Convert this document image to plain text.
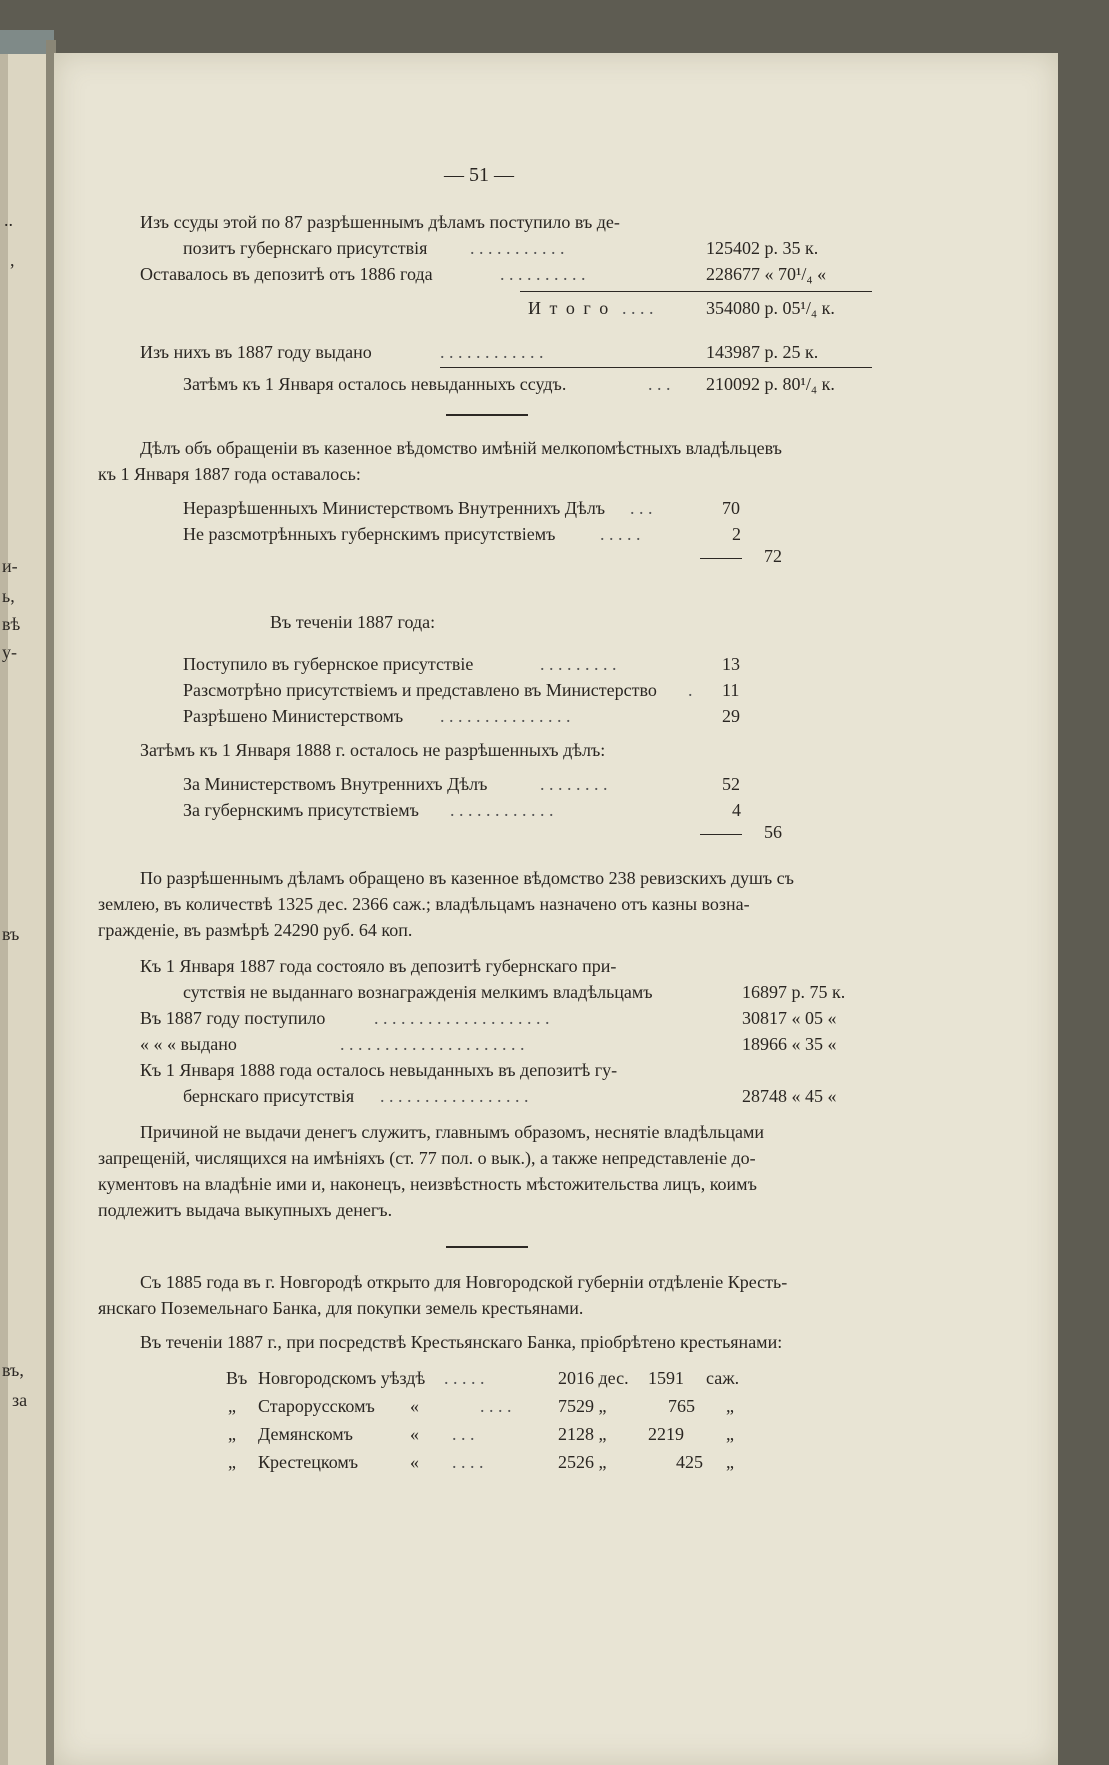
..
,
и-
ь,
вѣ
у-
въ
въ,
за
— 51 —
Изъ ссуды этой по 87 разрѣшеннымъ дѣламъ поступило въ де-
позитъ губернскаго присутствія . . . . . . . . . . .	125402 р. 35 к.
Оставалось въ депозитѣ отъ 1886 года	. . . . . . . . . .	228677 « 70¹/₄ «
И т о г о . . . .	354080 р. 05¹/₄ к.
Изъ нихъ въ 1887 году выдано	. . . . . . . . . . . .	143987 р. 25 к.
Затѣмъ къ 1 Января осталось невыданныхъ ссудъ.	. . . 210092 р. 80¹/₄ к.
Дѣлъ объ обращеніи въ казенное вѣдомство имѣній мелкопомѣстныхъ владѣльцевъ
къ 1 Января 1887 года оставалось:
Неразрѣшенныхъ Министерствомъ Внутреннихъ Дѣлъ . . .	70
Не разсмотрѣнныхъ губернскимъ присутствіемъ . . . . .	2
72
Въ теченіи 1887 года:
Поступило въ губернское присутствіе	. . . . . . . . .	13
Разсмотрѣно присутствіемъ и представлено въ Министерство . 11
Разрѣшено Министерствомъ . . . . . . . . . . . . . . .	29
Затѣмъ къ 1 Января 1888 г. осталось не разрѣшенныхъ дѣлъ:
За Министерствомъ Внутреннихъ Дѣлъ	. . . . . . . .	52
За губернскимъ присутствіемъ . . . . . . . . . . . .	4
56
По разрѣшеннымъ дѣламъ обращено въ казенное вѣдомство 238 ревизскихъ душъ съ
землею, въ количествѣ 1325 дес. 2366 саж.; владѣльцамъ назначено отъ казны возна-
гражденіе, въ размѣрѣ 24290 руб. 64 коп.
Къ 1 Января 1887 года состояло въ депозитѣ губернскаго при-
сутствія не выданнаго вознагражденія мелкимъ владѣльцамъ	16897 р. 75 к.
Въ 1887 году поступило	. . . . . . . . . . . . . . . . . . . .	30817 « 05 «
« « « выдано	. . . . . . . . . . . . . . . . . . . . .	18966 « 35 «
Къ 1 Января 1888 года осталось невыданныхъ въ депозитѣ гу-
бернскаго присутствія . . . . . . . . . . . . . . . . .	28748 « 45 «
Причиной не выдачи денегъ служитъ, главнымъ образомъ, неснятіе владѣльцами
запрещеній, числящихся на имѣніяхъ (ст. 77 пол. о вык.), а также непредставленіе до-
кументовъ на владѣніе ими и, наконецъ, неизвѣстность мѣстожительства лицъ, коимъ
подлежитъ выдача выкупныхъ денегъ.
Съ 1885 года въ г. Новгородѣ открыто для Новгородской губерніи отдѣленіе Кресть-
янскаго Поземельнаго Банка, для покупки земель крестьянами.
Въ теченіи 1887 г., при посредствѣ Крестьянскаго Банка, пріобрѣтено крестьянами:
Въ Новгородскомъ уѣздѣ . . . . .	2016 дес. 1591 саж.
„ Старорусскомъ «	. . . .	7529 „	765 „
„ Демянскомъ	« . . .	2128 „ 2219 „
„ Крестецкомъ	« . . . .	2526 „	425 „
